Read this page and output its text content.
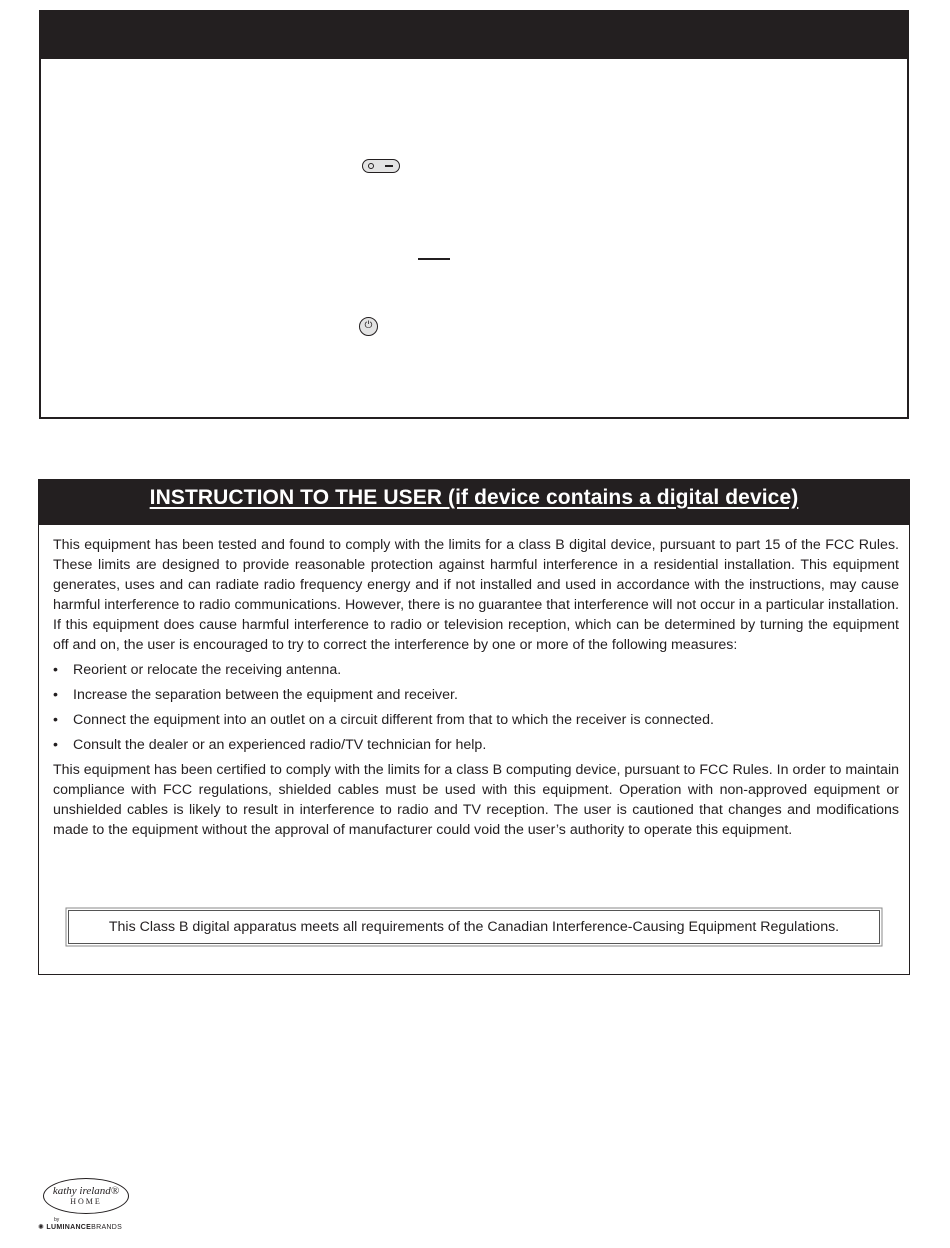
⏻
INSTRUCTION TO THE USER (if device contains a digital device)

This equipment has been tested and found to comply with the limits for a class B digital device, pursuant to part 15 of the FCC Rules. These limits are designed to provide reasonable protection against harmful interference in a residential installation. This equipment generates, uses and can radiate radio frequency energy and if not installed and used in accordance with the instructions, may cause harmful interference to radio communications. However, there is no guarantee that interference will not occur in a particular installation. If this equipment does cause harmful interference to radio or television reception, which can be determined by turning the equipment off and on, the user is encouraged to try to correct the interference by one or more of the following measures:

• Reorient or relocate the receiving antenna.
• Increase the separation between the equipment and receiver.
• Connect the equipment into an outlet on a circuit different from that to which the receiver is connected.
• Consult the dealer or an experienced radio/TV technician for help.

This equipment has been certified to comply with the limits for a class B computing device, pursuant to FCC Rules. In order to maintain compliance with FCC regulations, shielded cables must be used with this equipment. Operation with non-approved equipment or unshielded cables is likely to result in interference to radio and TV reception. The user is cautioned that changes and modifications made to the equipment without the approval of manufacturer could void the user’s authority to operate this equipment.

This Class B digital apparatus meets all requirements of the Canadian Interference-Causing Equipment Regulations.
kathy ireland®
HOME
by
✺ LUMINANCEBRANDS
